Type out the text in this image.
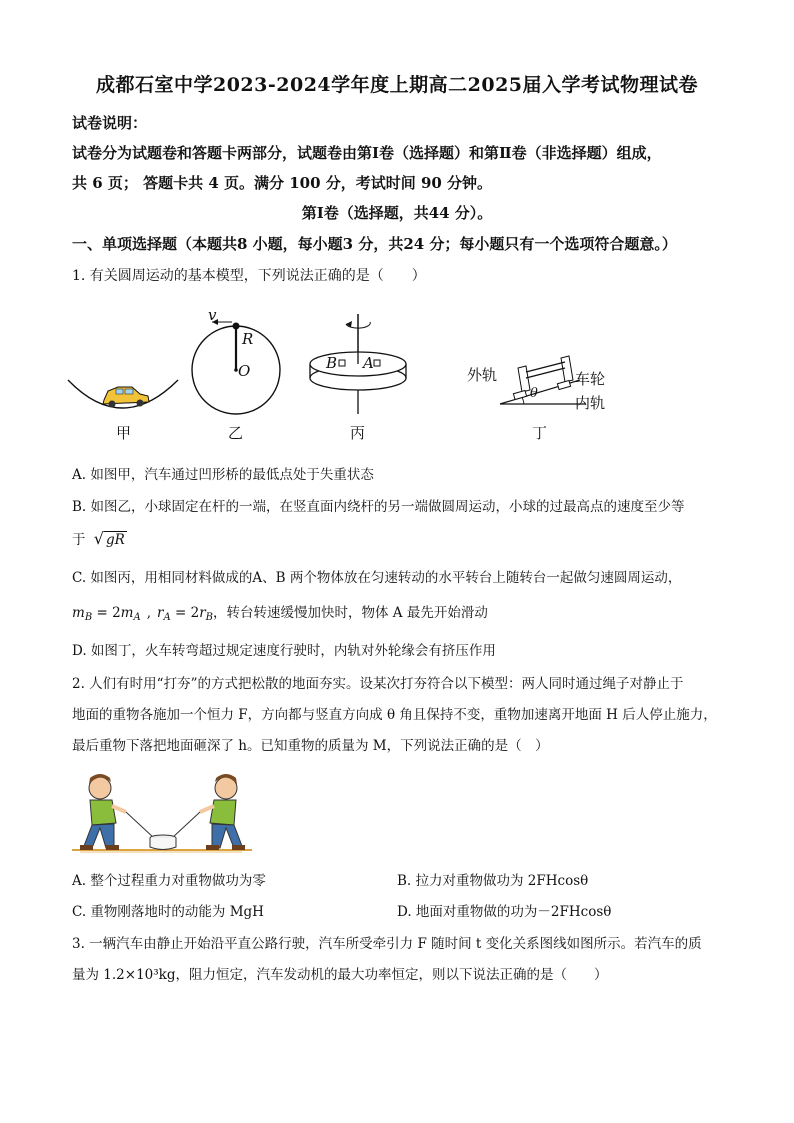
成都石室中学2023-2024学年度上期高二2025届入学考试物理试卷
试卷说明：
试卷分为试题卷和答题卡两部分，试题卷由第Ⅰ卷（选择题）和第Ⅱ卷（非选择题）组成，
共 6 页； 答题卡共 4 页。满分 100 分，考试时间 90 分钟。
第Ⅰ卷（选择题，共44 分）。
一、单项选择题（本题共8 小题，每小题3 分，共24 分；每小题只有一个选项符合题意。）
1. 有关圆周运动的基本模型，下列说法正确的是（　　）
v
R
O	B A
外轨	车轮
内轨
θ
甲	乙	丙	丁
A. 如图甲，汽车通过凹形桥的最低点处于失重状态
B. 如图乙，小球固定在杆的一端，在竖直面内绕杆的另一端做圆周运动，小球的过最高点的速度至少等
于 √ gR
C. 如图丙，用相同材料做成的A、B 两个物体放在匀速转动的水平转台上随转台一起做匀速圆周运动，
$m_B = 2m_A$ , $r_A = 2r_B$，转台转速缓慢加快时，物体 A 最先开始滑动
D. 如图丁，火车转弯超过规定速度行驶时，内轨对外轮缘会有挤压作用
2. 人们有时用“打夯”的方式把松散的地面夯实。设某次打夯符合以下模型：两人同时通过绳子对静止于
地面的重物各施加一个恒力 F，方向都与竖直方向成 θ 角且保持不变，重物加速离开地面 H 后人停止施力，
最后重物下落把地面砸深了 h。已知重物的质量为 M，下列说法正确的是（　）
A. 整个过程重力对重物做功为零	B. 拉力对重物做功为 2FHcosθ
C. 重物刚落地时的动能为 MgH	D. 地面对重物做的功为－2FHcosθ
3. 一辆汽车由静止开始沿平直公路行驶，汽车所受牵引力 F 随时间 t 变化关系图线如图所示。若汽车的质
量为 1.2×10³kg，阻力恒定，汽车发动机的最大功率恒定，则以下说法正确的是（　　）
